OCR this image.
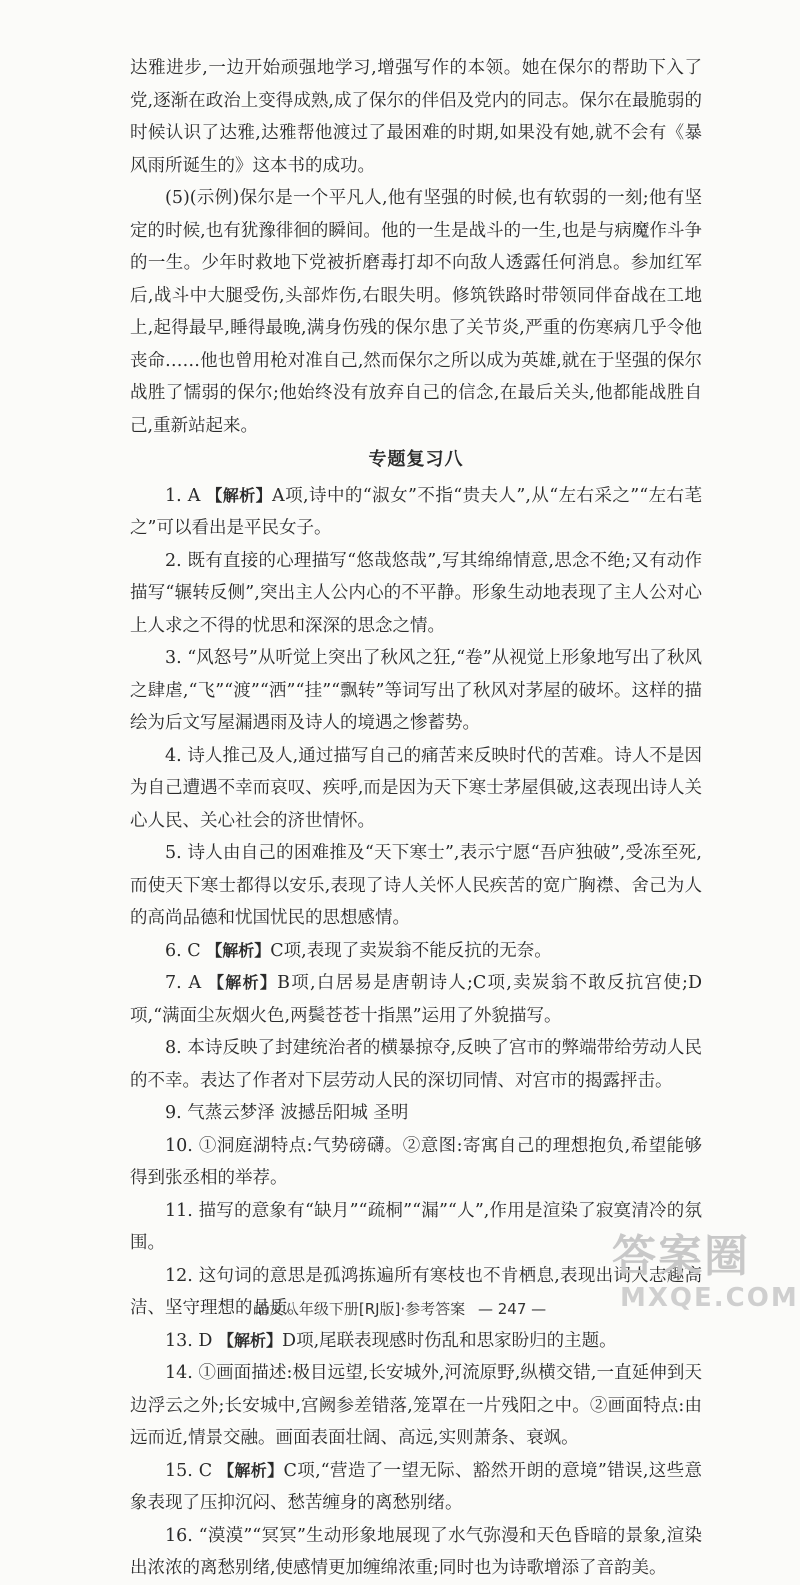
达雅进步,一边开始顽强地学习,增强写作的本领。她在保尔的帮助下入了党,逐渐在政治上变得成熟,成了保尔的伴侣及党内的同志。保尔在最脆弱的时候认识了达雅,达雅帮他渡过了最困难的时期,如果没有她,就不会有《暴风雨所诞生的》这本书的成功。

(5)(示例)保尔是一个平凡人,他有坚强的时候,也有软弱的一刻;他有坚定的时候,也有犹豫徘徊的瞬间。他的一生是战斗的一生,也是与病魔作斗争的一生。少年时救地下党被折磨毒打却不向敌人透露任何消息。参加红军后,战斗中大腿受伤,头部炸伤,右眼失明。修筑铁路时带领同伴奋战在工地上,起得最早,睡得最晚,满身伤残的保尔患了关节炎,严重的伤寒病几乎令他丧命……他也曾用枪对准自己,然而保尔之所以成为英雄,就在于坚强的保尔战胜了懦弱的保尔;他始终没有放弃自己的信念,在最后关头,他都能战胜自己,重新站起来。

专题复习八

1. A 【解析】A项,诗中的“淑女”不指“贵夫人”,从“左右采之”“左右芼之”可以看出是平民女子。

2. 既有直接的心理描写“悠哉悠哉”,写其绵绵情意,思念不绝;又有动作描写“辗转反侧”,突出主人公内心的不平静。形象生动地表现了主人公对心上人求之不得的忧思和深深的思念之情。

3. “风怒号”从听觉上突出了秋风之狂,“卷”从视觉上形象地写出了秋风之肆虐,“飞”“渡”“洒”“挂”“飘转”等词写出了秋风对茅屋的破坏。这样的描绘为后文写屋漏遇雨及诗人的境遇之惨蓄势。

4. 诗人推己及人,通过描写自己的痛苦来反映时代的苦难。诗人不是因为自己遭遇不幸而哀叹、疾呼,而是因为天下寒士茅屋俱破,这表现出诗人关心人民、关心社会的济世情怀。

5. 诗人由自己的困难推及“天下寒士”,表示宁愿“吾庐独破”,受冻至死,而使天下寒士都得以安乐,表现了诗人关怀人民疾苦的宽广胸襟、舍己为人的高尚品德和忧国忧民的思想感情。

6. C 【解析】C项,表现了卖炭翁不能反抗的无奈。

7. A 【解析】B项,白居易是唐朝诗人;C项,卖炭翁不敢反抗宫使;D项,“满面尘灰烟火色,两鬓苍苍十指黑”运用了外貌描写。

8. 本诗反映了封建统治者的横暴掠夺,反映了宫市的弊端带给劳动人民的不幸。表达了作者对下层劳动人民的深切同情、对宫市的揭露抨击。

9. 气蒸云梦泽 波撼岳阳城 圣明

10. ①洞庭湖特点:气势磅礴。②意图:寄寓自己的理想抱负,希望能够得到张丞相的举荐。

11. 描写的意象有“缺月”“疏桐”“漏”“人”,作用是渲染了寂寞清冷的氛围。

12. 这句词的意思是孤鸿拣遍所有寒枝也不肯栖息,表现出词人志趣高洁、坚守理想的品质。

13. D 【解析】D项,尾联表现感时伤乱和思家盼归的主题。

14. ①画面描述:极目远望,长安城外,河流原野,纵横交错,一直延伸到天边浮云之外;长安城中,宫阙参差错落,笼罩在一片残阳之中。②画面特点:由远而近,情景交融。画面表面壮阔、高远,实则萧条、衰飒。

15. C 【解析】C项,“营造了一望无际、豁然开朗的意境”错误,这些意象表现了压抑沉闷、愁苦缠身的离愁别绪。

16. “漠漠”“冥冥”生动形象地展现了水气弥漫和天色昏暗的景象,渲染出浓浓的离愁别绪,使感情更加缠绵浓重;同时也为诗歌增添了音韵美。

语文八年级下册[RJ版]·参考答案 — 247 —
答案圈
MXQE.COM
